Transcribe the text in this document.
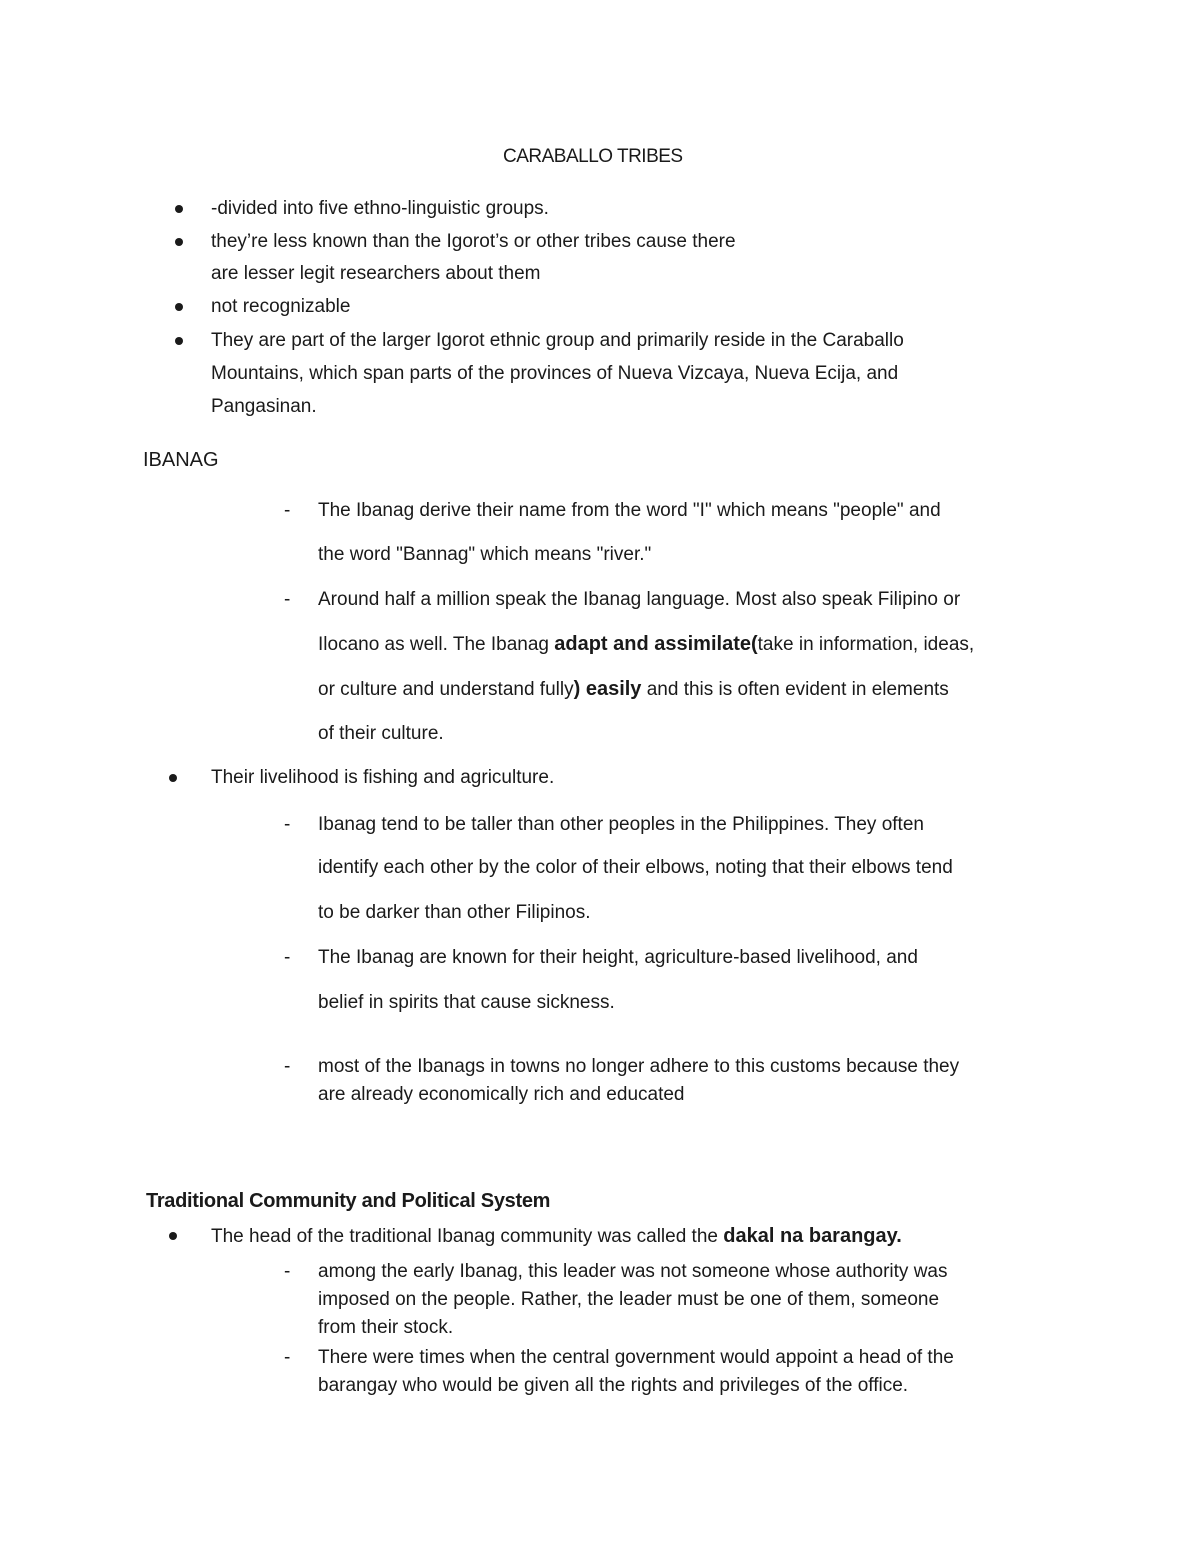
CARABALLO TRIBES
-divided into five ethno-linguistic groups.
they’re less known than the Igorot’s or other tribes cause there
are lesser legit researchers about them
not recognizable
They are part of the larger Igorot ethnic group and primarily reside in the Caraballo
Mountains, which span parts of the provinces of Nueva Vizcaya, Nueva Ecija, and
Pangasinan.
IBANAG
- The Ibanag derive their name from the word "I" which means "people" and
the word "Bannag" which means "river."
- Around half a million speak the Ibanag language. Most also speak Filipino or
Ilocano as well. The Ibanag adapt and assimilate(take in information, ideas,
or culture and understand fully) easily and this is often evident in elements
of their culture.
Their livelihood is fishing and agriculture.
- Ibanag tend to be taller than other peoples in the Philippines. They often
identify each other by the color of their elbows, noting that their elbows tend
to be darker than other Filipinos.
- The Ibanag are known for their height, agriculture-based livelihood, and
belief in spirits that cause sickness.
- most of the Ibanags in towns no longer adhere to this customs because they
are already economically rich and educated
Traditional Community and Political System
The head of the traditional Ibanag community was called the dakal na barangay.
- among the early Ibanag, this leader was not someone whose authority was
imposed on the people. Rather, the leader must be one of them, someone
from their stock.
- There were times when the central government would appoint a head of the
barangay who would be given all the rights and privileges of the office.
